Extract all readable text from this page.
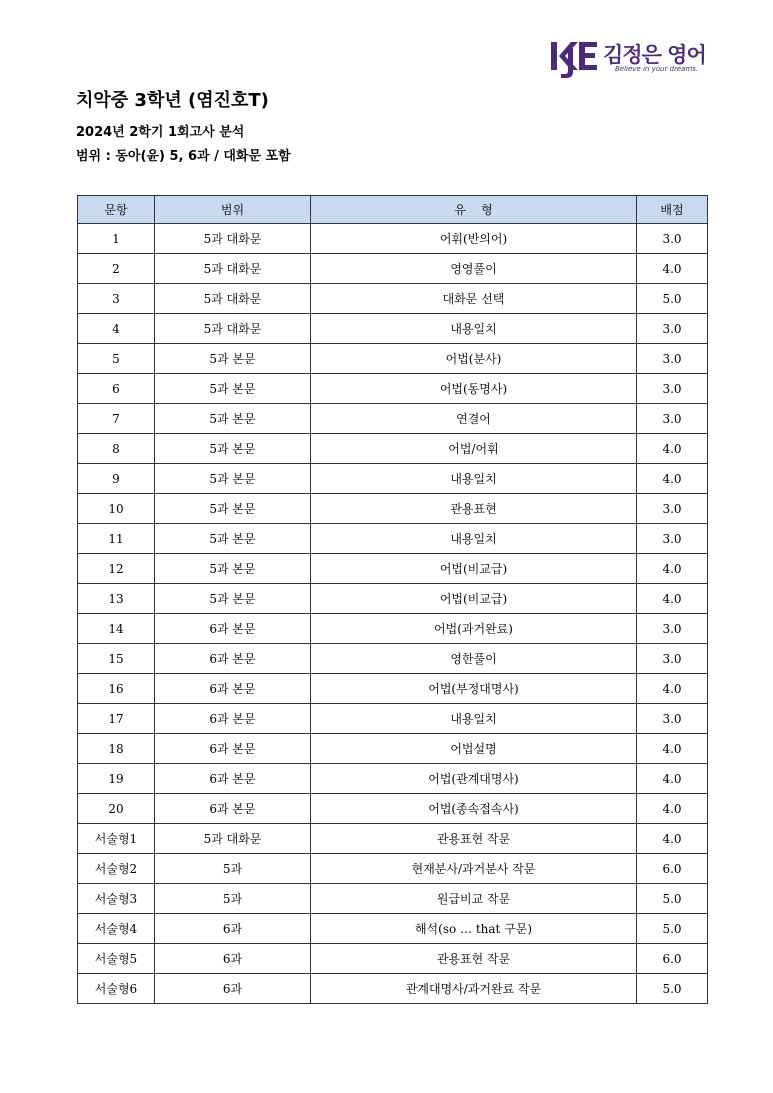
김정은 영어
Believe in your dreams.
치악중 3학년 (염진호T)
2024년 2학기 1회고사 분석
범위 : 동아(윤) 5, 6과 / 대화문 포함
문항	범위	유    형	배점
1	5과 대화문	어휘(반의어)	3.0
2	5과 대화문	영영풀이	4.0
3	5과 대화문	대화문 선택	5.0
4	5과 대화문	내용일치	3.0
5	5과 본문	어법(분사)	3.0
6	5과 본문	어법(동명사)	3.0
7	5과 본문	연결어	3.0
8	5과 본문	어법/어휘	4.0
9	5과 본문	내용일치	4.0
10	5과 본문	관용표현	3.0
11	5과 본문	내용일치	3.0
12	5과 본문	어법(비교급)	4.0
13	5과 본문	어법(비교급)	4.0
14	6과 본문	어법(과거완료)	3.0
15	6과 본문	영한풀이	3.0
16	6과 본문	어법(부정대명사)	4.0
17	6과 본문	내용일치	3.0
18	6과 본문	어법설명	4.0
19	6과 본문	어법(관계대명사)	4.0
20	6과 본문	어법(종속접속사)	4.0
서술형1	5과 대화문	관용표현 작문	4.0
서술형2	5과	현재분사/과거분사 작문	6.0
서술형3	5과	원급비교 작문	5.0
서술형4	6과	해석(so … that 구문)	5.0
서술형5	6과	관용표현 작문	6.0
서술형6	6과	관계대명사/과거완료 작문	5.0
